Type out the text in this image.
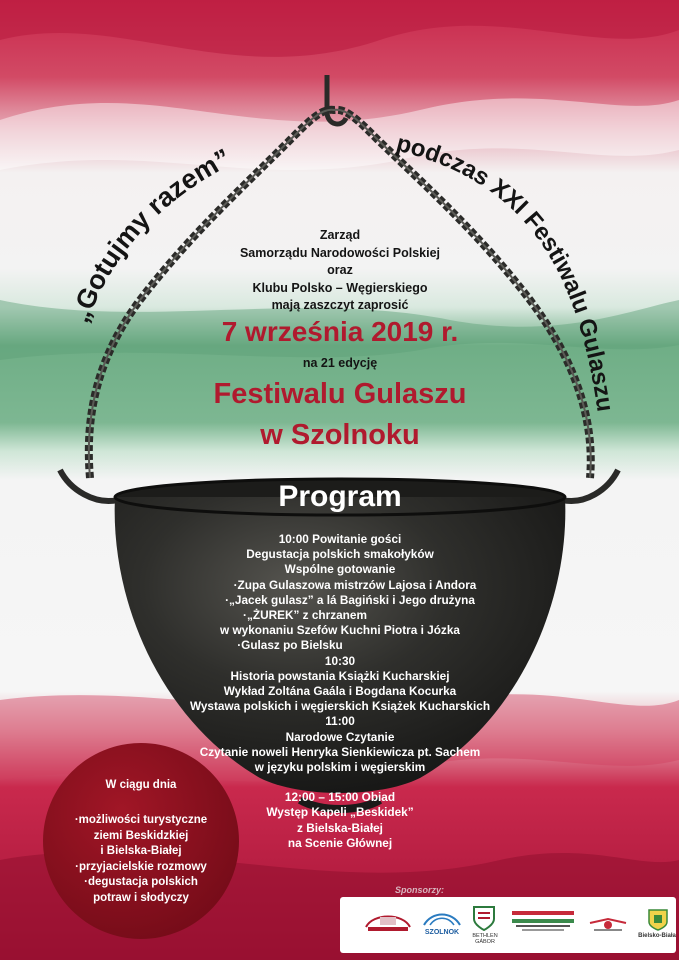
„Gotujmy razem”	podczas XXI Festiwalu Gulaszu
Zarząd
Samorządu Narodowości Polskiej
oraz
Klubu Polsko – Węgierskiego
mają zaszczyt zaprosić
7 września 2019 r.
na 21 edycję
Festiwalu Gulaszu
w Szolnoku
Program
10:00 Powitanie gości
Degustacja polskich smakołyków
Wspólne gotowanie
·Zupa Gulaszowa mistrzów Lajosa i Andora
·„Jacek gulasz” a lá Bagiński i Jego drużyna
·„ŻUREK” z chrzanem
w wykonaniu Szefów Kuchni Piotra i Józka
·Gulasz po Bielsku
10:30
Historia powstania Książki Kucharskiej
Wykład Zoltána Gaála i Bogdana Kocurka
Wystawa polskich i węgierskich Książek Kucharskich
11:00
Narodowe Czytanie
Czytanie noweli Henryka Sienkiewicza pt. Sachem
w języku polskim i węgierskim
12:00 – 15:00 Obiad
Występ Kapeli „Beskidek”
z Bielska-Białej
na Scenie Głównej
W ciągu dnia
·możliwości turystyczne
ziemi Beskidzkiej
i Bielska-Białej
·przyjacielskie rozmowy
·degustacja polskich
potraw i słodyczy
Sponsorzy:
SZOLNOK	BETHLEN GÁBOR
Bielsko-Biała
